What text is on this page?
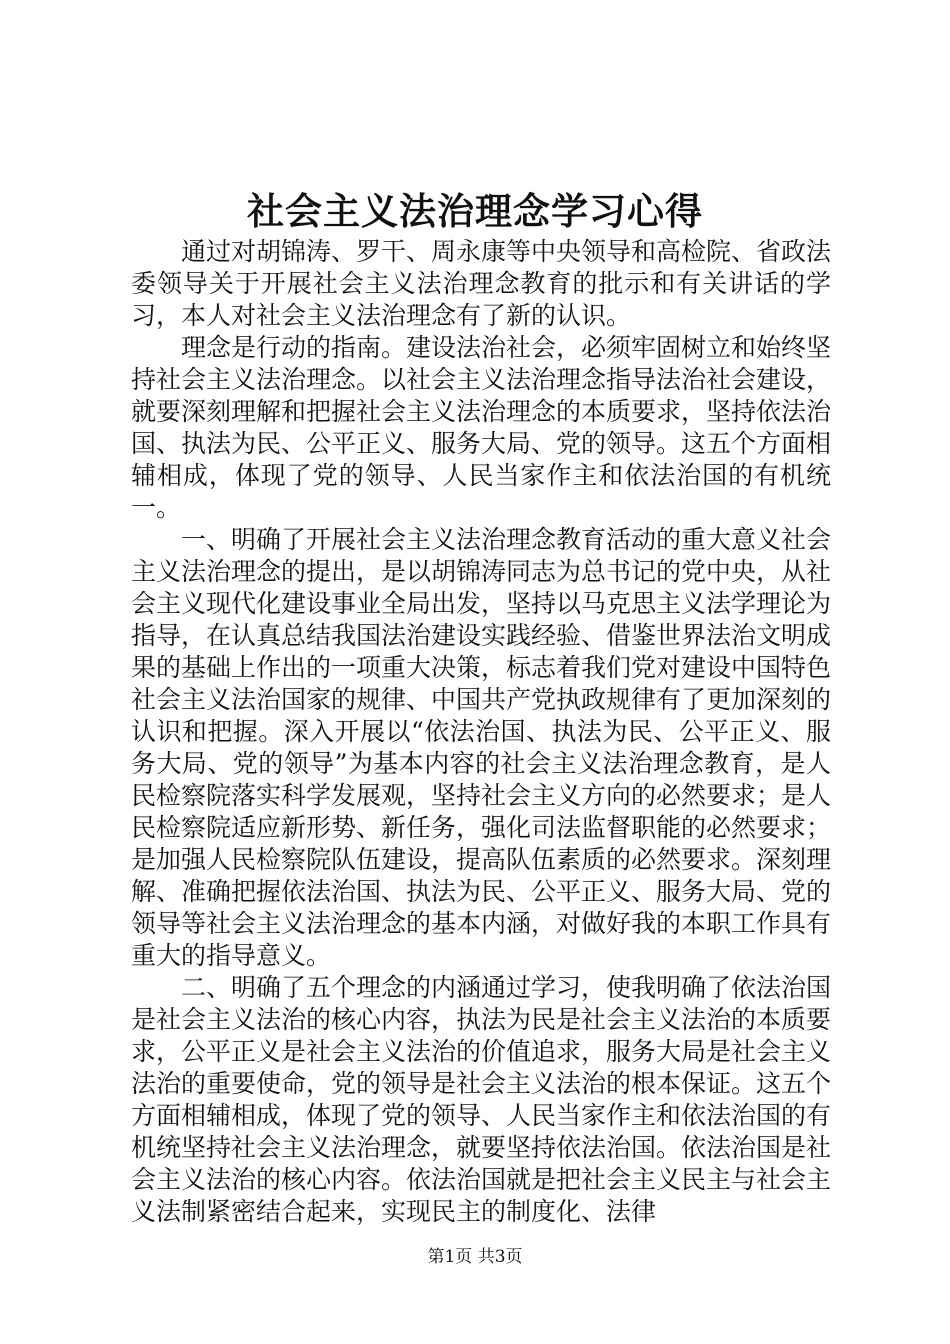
社会主义法治理念学习心得

通过对胡锦涛、罗干、周永康等中央领导和高检院、省政法委领导关于开展社会主义法治理念教育的批示和有关讲话的学习，本人对社会主义法治理念有了新的认识。

理念是行动的指南。建设法治社会，必须牢固树立和始终坚持社会主义法治理念。以社会主义法治理念指导法治社会建设，就要深刻理解和把握社会主义法治理念的本质要求，坚持依法治国、执法为民、公平正义、服务大局、党的领导。这五个方面相辅相成，体现了党的领导、人民当家作主和依法治国的有机统一。

一、明确了开展社会主义法治理念教育活动的重大意义社会主义法治理念的提出，是以胡锦涛同志为总书记的党中央，从社会主义现代化建设事业全局出发，坚持以马克思主义法学理论为指导，在认真总结我国法治建设实践经验、借鉴世界法治文明成果的基础上作出的一项重大决策，标志着我们党对建设中国特色社会主义法治国家的规律、中国共产党执政规律有了更加深刻的认识和把握。深入开展以“依法治国、执法为民、公平正义、服务大局、党的领导”为基本内容的社会主义法治理念教育，是人民检察院落实科学发展观，坚持社会主义方向的必然要求；是人民检察院适应新形势、新任务，强化司法监督职能的必然要求；是加强人民检察院队伍建设，提高队伍素质的必然要求。深刻理解、准确把握依法治国、执法为民、公平正义、服务大局、党的领导等社会主义法治理念的基本内涵，对做好我的本职工作具有重大的指导意义。

二、明确了五个理念的内涵通过学习，使我明确了依法治国是社会主义法治的核心内容，执法为民是社会主义法治的本质要求，公平正义是社会主义法治的价值追求，服务大局是社会主义法治的重要使命，党的领导是社会主义法治的根本保证。这五个方面相辅相成，体现了党的领导、人民当家作主和依法治国的有机统坚持社会主义法治理念，就要坚持依法治国。依法治国是社会主义法治的核心内容。依法治国就是把社会主义民主与社会主义法制紧密结合起来，实现民主的制度化、法律

第1页 共3页
